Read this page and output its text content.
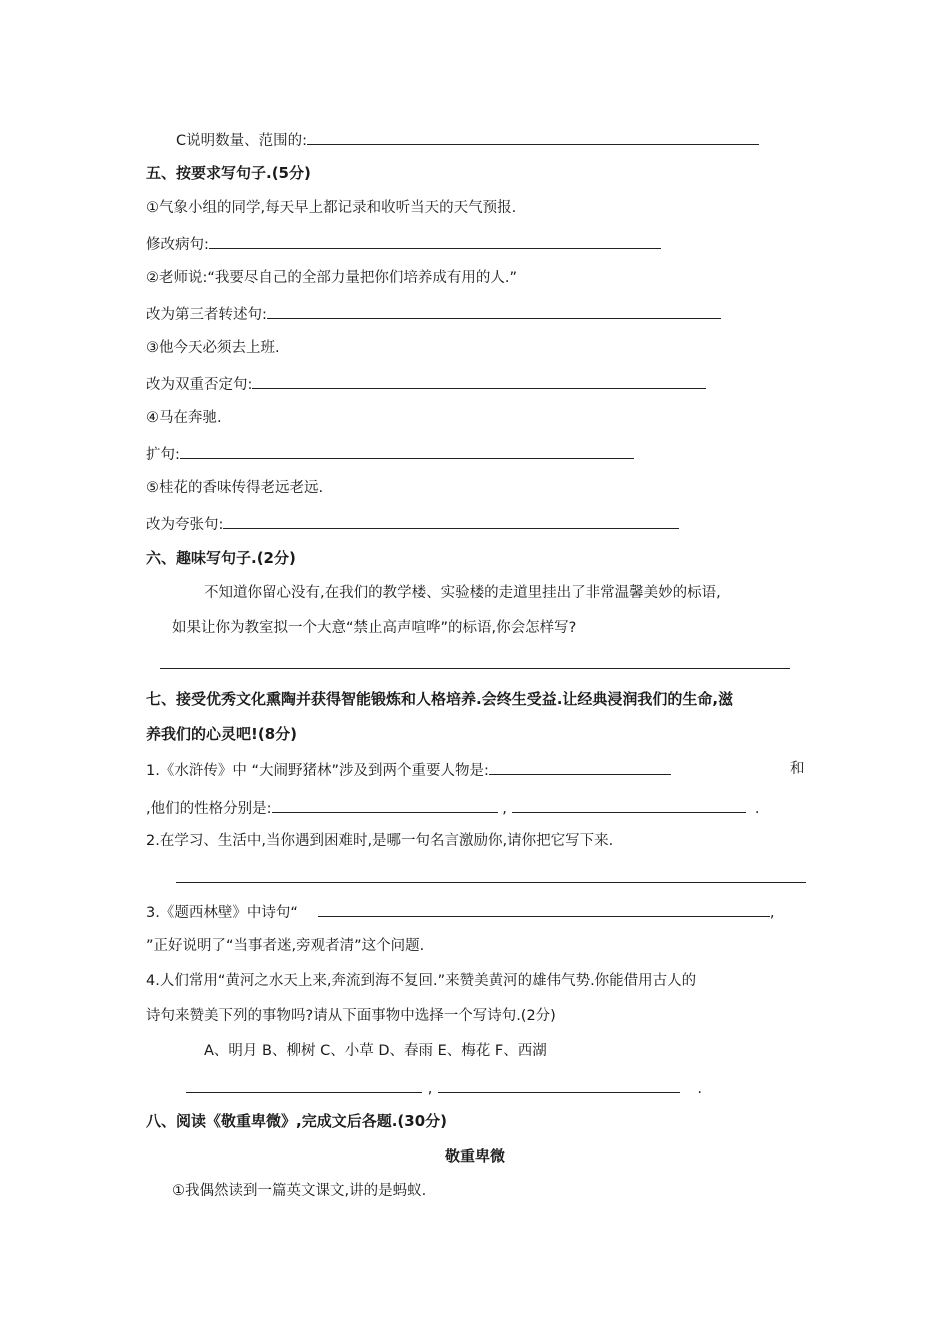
C说明数量、范围的:
五、按要求写句子.(5分)
①气象小组的同学,每天早上都记录和收听当天的天气预报.
修改病句:
②老师说:“我要尽自己的全部力量把你们培养成有用的人.”
改为第三者转述句:
③他今天必须去上班.
改为双重否定句:
④马在奔驰.
扩句:
⑤桂花的香味传得老远老远.
改为夸张句:
六、趣味写句子.(2分)
不知道你留心没有,在我们的教学楼、实验楼的走道里挂出了非常温馨美妙的标语,
如果让你为教室拟一个大意“禁止高声喧哗”的标语,你会怎样写?
七、接受优秀文化熏陶并获得智能锻炼和人格培养.会终生受益.让经典浸润我们的生命,滋
养我们的心灵吧!(8分)
1.《水浒传》中 “大闹野猪林”涉及到两个重要人物是:	和
,他们的性格分别是:	,	.
2.在学习、生活中,当你遇到困难时,是哪一句名言激励你,请你把它写下来.
3.《题西林壁》中诗句“	,
”正好说明了“当事者迷,旁观者清”这个问题.
4.人们常用“黄河之水天上来,奔流到海不复回.”来赞美黄河的雄伟气势.你能借用古人的
诗句来赞美下列的事物吗?请从下面事物中选择一个写诗句.(2分)
A、明月 B、柳树 C、小草 D、春雨 E、梅花 F、西湖
,	.
八、阅读《敬重卑微》,完成文后各题.(30分)
敬重卑微
①我偶然读到一篇英文课文,讲的是蚂蚁.
